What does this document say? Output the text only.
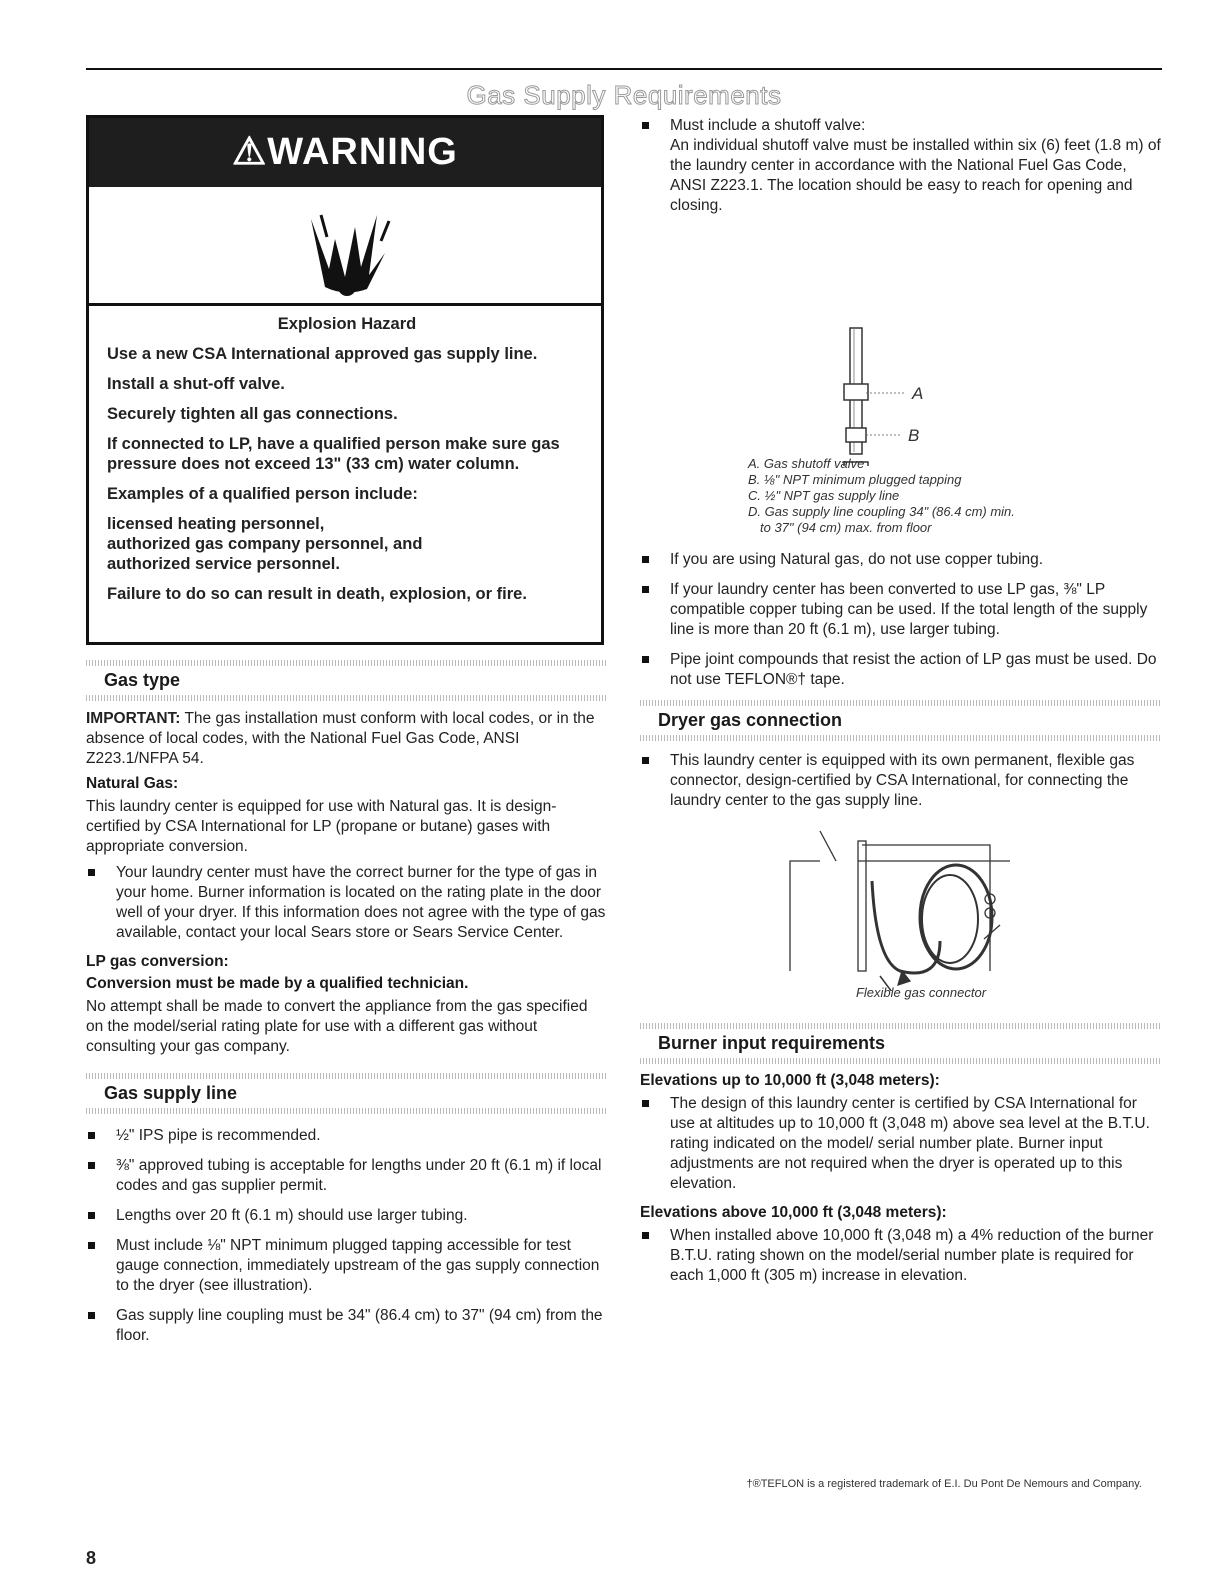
Gas Supply Requirements
⚠WARNING

Explosion Hazard

Use a new CSA International approved gas supply line.

Install a shut-off valve.

Securely tighten all gas connections.

If connected to LP, have a qualified person make sure gas pressure does not exceed 13" (33 cm) water column.

Examples of a qualified person include:

licensed heating personnel,
authorized gas company personnel, and

authorized service personnel.

Failure to do so can result in death, explosion, or fire.

Gas type

IMPORTANT: The gas installation must conform with local codes, or in the absence of local codes, with the National Fuel Gas Code, ANSI Z223.1/NFPA 54.

Natural Gas:

This laundry center is equipped for use with Natural gas. It is design-certified by CSA International for LP (propane or butane) gases with appropriate conversion.

Your laundry center must have the correct burner for the type of gas in your home. Burner information is located on the rating plate in the door well of your dryer. If this information does not agree with the type of gas available, contact your local Sears store or Sears Service Center.
LP gas conversion:
Conversion must be made by a qualified technician.

No attempt shall be made to convert the appliance from the gas specified on the model/serial rating plate for use with a different gas without consulting your gas company.

Gas supply line
½" IPS pipe is recommended.
⅜" approved tubing is acceptable for lengths under 20 ft (6.1 m) if local codes and gas supplier permit.
Lengths over 20 ft (6.1 m) should use larger tubing.
Must include ⅛" NPT minimum plugged tapping accessible for test gauge connection, immediately upstream of the gas supply connection to the dryer (see illustration).
Gas supply line coupling must be 34" (86.4 cm) to 37" (94 cm) from the floor.
Must include a shutoff valve:
An individual shutoff valve must be installed within six (6) feet (1.8 m) of the laundry center in accordance with the National Fuel Gas Code, ANSI Z223.1. The location should be easy to reach for opening and closing.
A
B
A. Gas shutoff valve
B. ⅛" NPT minimum plugged tapping
C. ½" NPT gas supply line
D. Gas supply line coupling 34" (86.4 cm) min.
to 37" (94 cm) max. from floor
If you are using Natural gas, do not use copper tubing.
If your laundry center has been converted to use LP gas, ⅜" LP compatible copper tubing can be used. If the total length of the supply line is more than 20 ft (6.1 m), use larger tubing.
Pipe joint compounds that resist the action of LP gas must be used. Do not use TEFLON®† tape.
Dryer gas connection
This laundry center is equipped with its own permanent, flexible gas connector, design-certified by CSA International, for connecting the laundry center to the gas supply line.
Flexible gas connector
Burner input requirements
Elevations up to 10,000 ft (3,048 meters):
The design of this laundry center is certified by CSA International for use at altitudes up to 10,000 ft (3,048 m) above sea level at the B.T.U. rating indicated on the model/ serial number plate. Burner input adjustments are not required when the dryer is operated up to this elevation.
Elevations above 10,000 ft (3,048 meters):
When installed above 10,000 ft (3,048 m) a 4% reduction of the burner B.T.U. rating shown on the model/serial number plate is required for each 1,000 ft (305 m) increase in elevation.
†®TEFLON is a registered trademark of E.I. Du Pont De Nemours and Company.
8
